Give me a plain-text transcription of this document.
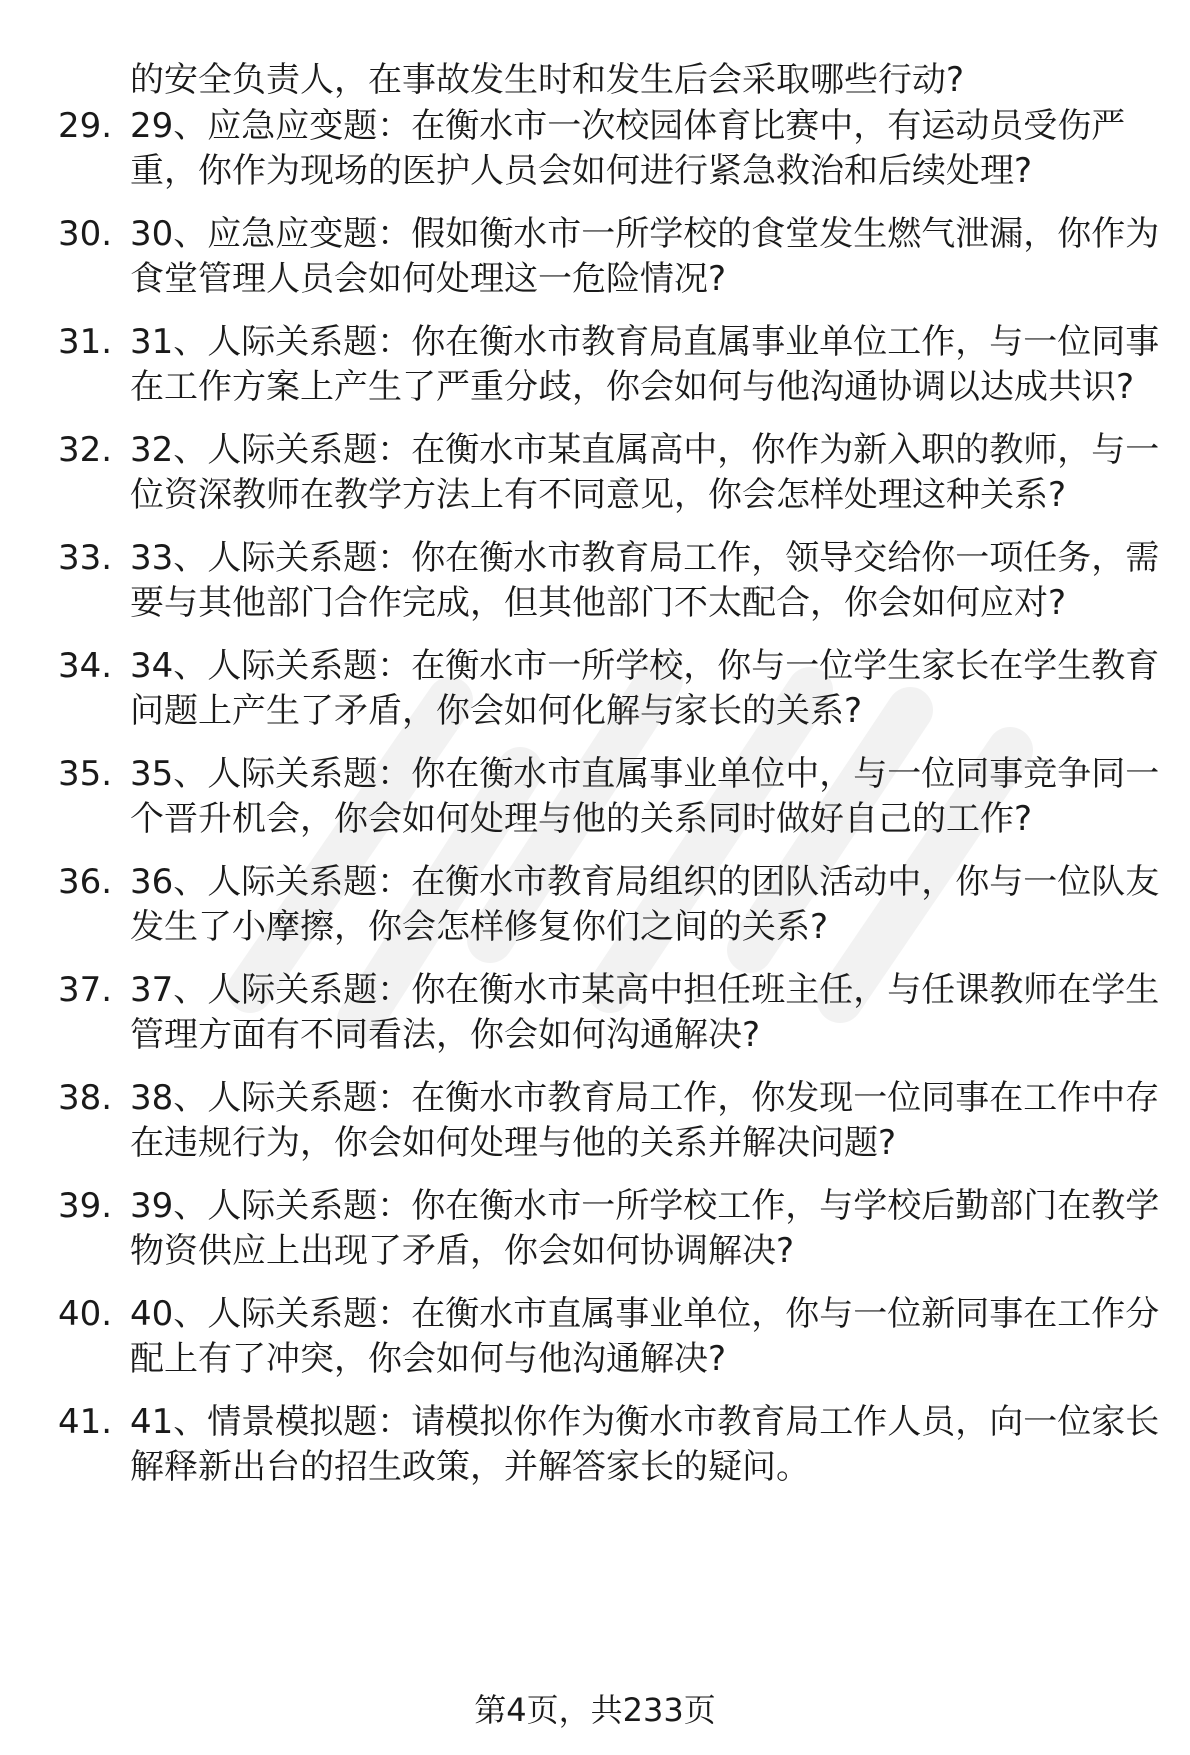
的安全负责人，在事故发生时和发生后会采取哪些行动?

29. 29、应急应变题：在衡水市一次校园体育比赛中，有运动员受伤严重，你作为现场的医护人员会如何进行紧急救治和后续处理?
30. 30、应急应变题：假如衡水市一所学校的食堂发生燃气泄漏，你作为食堂管理人员会如何处理这一危险情况?
31. 31、人际关系题：你在衡水市教育局直属事业单位工作，与一位同事在工作方案上产生了严重分歧，你会如何与他沟通协调以达成共识?
32. 32、人际关系题：在衡水市某直属高中，你作为新入职的教师，与一位资深教师在教学方法上有不同意见，你会怎样处理这种关系?
33. 33、人际关系题：你在衡水市教育局工作，领导交给你一项任务，需要与其他部门合作完成，但其他部门不太配合，你会如何应对?
34. 34、人际关系题：在衡水市一所学校，你与一位学生家长在学生教育问题上产生了矛盾，你会如何化解与家长的关系?
35. 35、人际关系题：你在衡水市直属事业单位中，与一位同事竞争同一个晋升机会，你会如何处理与他的关系同时做好自己的工作?
36. 36、人际关系题：在衡水市教育局组织的团队活动中，你与一位队友发生了小摩擦，你会怎样修复你们之间的关系?
37. 37、人际关系题：你在衡水市某高中担任班主任，与任课教师在学生管理方面有不同看法，你会如何沟通解决?
38. 38、人际关系题：在衡水市教育局工作，你发现一位同事在工作中存在违规行为，你会如何处理与他的关系并解决问题?
39. 39、人际关系题：你在衡水市一所学校工作，与学校后勤部门在教学物资供应上出现了矛盾，你会如何协调解决?
40. 40、人际关系题：在衡水市直属事业单位，你与一位新同事在工作分配上有了冲突，你会如何与他沟通解决?
41. 41、情景模拟题：请模拟你作为衡水市教育局工作人员，向一位家长解释新出台的招生政策，并解答家长的疑问。
第4页，共233页
